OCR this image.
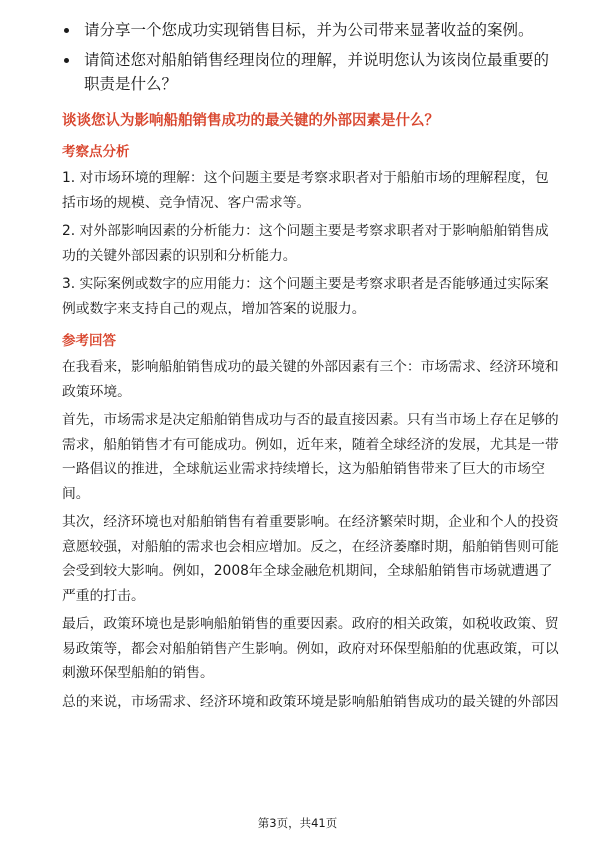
请分享一个您成功实现销售目标，并为公司带来显著收益的案例。
请简述您对船舶销售经理岗位的理解，并说明您认为该岗位最重要的职责是什么？
谈谈您认为影响船舶销售成功的最关键的外部因素是什么？
考察点分析
1. 对市场环境的理解：这个问题主要是考察求职者对于船舶市场的理解程度，包括市场的规模、竞争情况、客户需求等。
2. 对外部影响因素的分析能力：这个问题主要是考察求职者对于影响船舶销售成功的关键外部因素的识别和分析能力。
3. 实际案例或数字的应用能力：这个问题主要是考察求职者是否能够通过实际案例或数字来支持自己的观点，增加答案的说服力。
参考回答
在我看来，影响船舶销售成功的最关键的外部因素有三个：市场需求、经济环境和政策环境。
首先，市场需求是决定船舶销售成功与否的最直接因素。只有当市场上存在足够的需求，船舶销售才有可能成功。例如，近年来，随着全球经济的发展，尤其是一带一路倡议的推进，全球航运业需求持续增长，这为船舶销售带来了巨大的市场空间。
其次，经济环境也对船舶销售有着重要影响。在经济繁荣时期，企业和个人的投资意愿较强，对船舶的需求也会相应增加。反之，在经济萎靡时期，船舶销售则可能会受到较大影响。例如，2008年全球金融危机期间，全球船舶销售市场就遭遇了严重的打击。
最后，政策环境也是影响船舶销售的重要因素。政府的相关政策，如税收政策、贸易政策等，都会对船舶销售产生影响。例如，政府对环保型船舶的优惠政策，可以刺激环保型船舶的销售。
总的来说，市场需求、经济环境和政策环境是影响船舶销售成功的最关键的外部因
第3页，共41页
